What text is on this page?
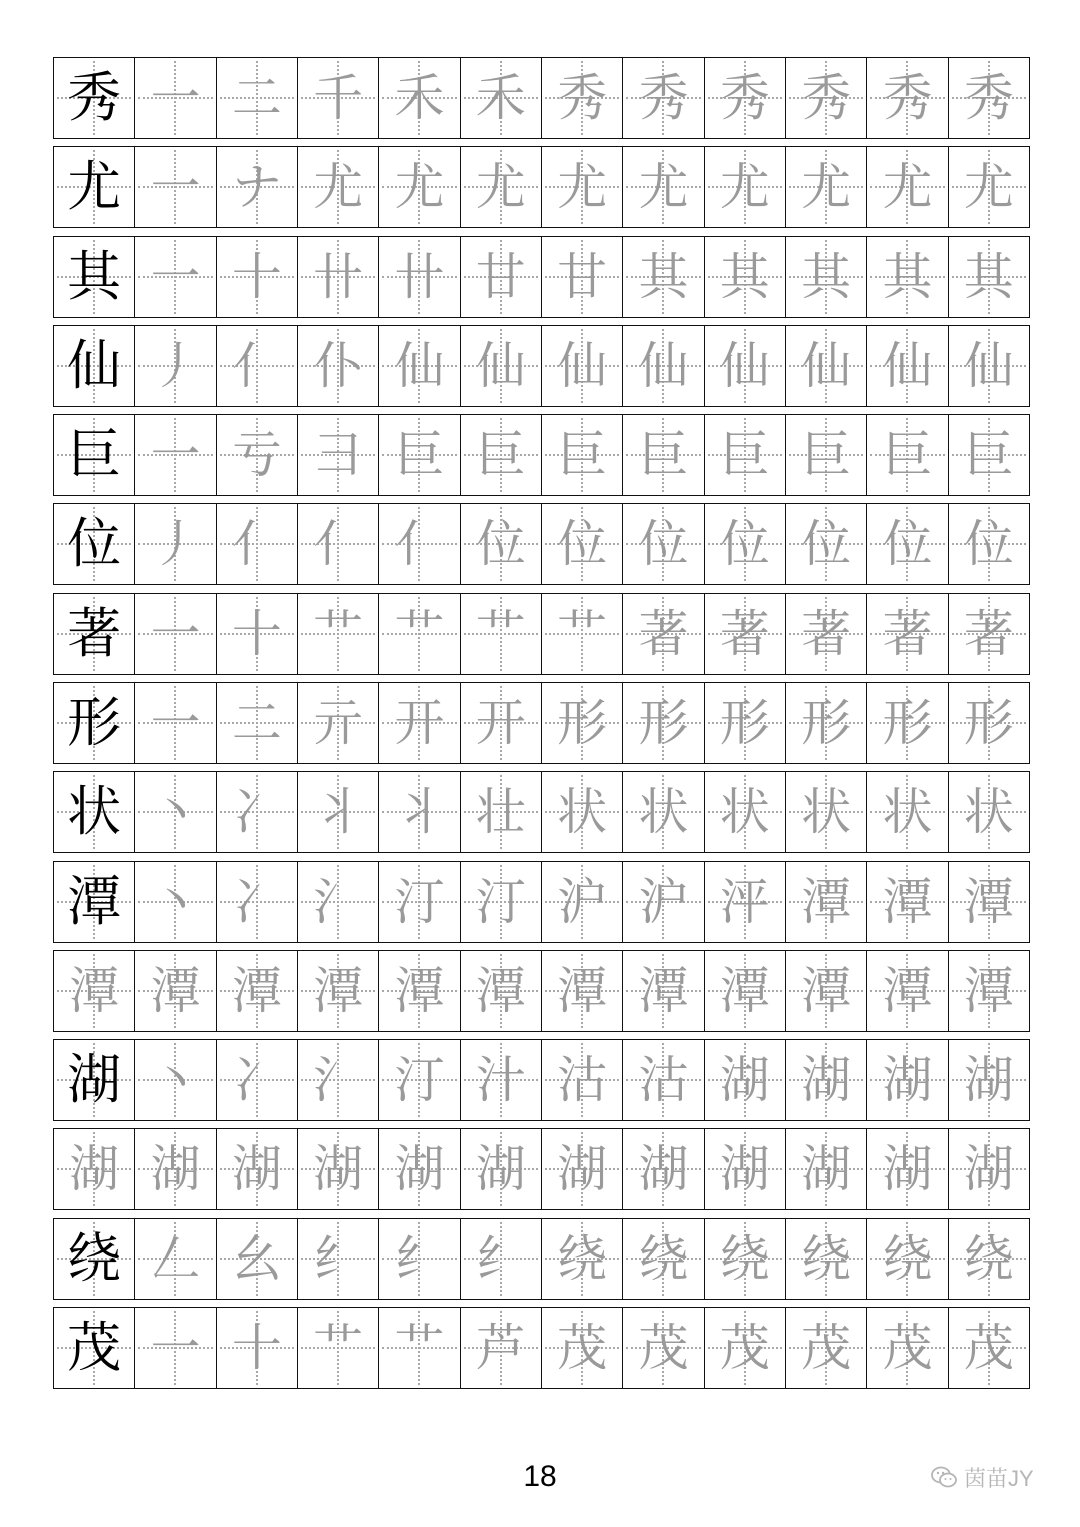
秀 一 二 千 禾 禾 秀 秀 秀 秀 秀 秀
尤 一 ナ 尤 尤 尤 尤 尤 尤 尤 尤 尤
其 一 十 卄 卄 甘 甘 其 其 其 其 其
仙 丿 亻 仆 仙 仙 仙 仙 仙 仙 仙 仙
巨 一 亏 彐 巨 巨 巨 巨 巨 巨 巨 巨
位 丿 亻 亻 亻 位 位 位 位 位 位 位
著 一 十 艹 艹 艹 艹 著 著 著 著 著
形 一 二 亓 开 开 形 形 形 形 形 形
状 丶 冫 丬 丬 壮 状 状 状 状 状 状
潭 丶 冫 氵 汀 汀 沪 沪 泙 潭 潭 潭
潭 潭 潭 潭 潭 潭 潭 潭 潭 潭 潭 潭
湖 丶 冫 氵 汀 汁 沽 沽 湖 湖 湖 湖
湖 湖 湖 湖 湖 湖 湖 湖 湖 湖 湖 湖
绕 𠃋 幺 纟 纟 纟 绕 绕 绕 绕 绕 绕
茂 一 十 艹 艹 芦 茂 茂 茂 茂 茂 茂
18	茵苗JY
